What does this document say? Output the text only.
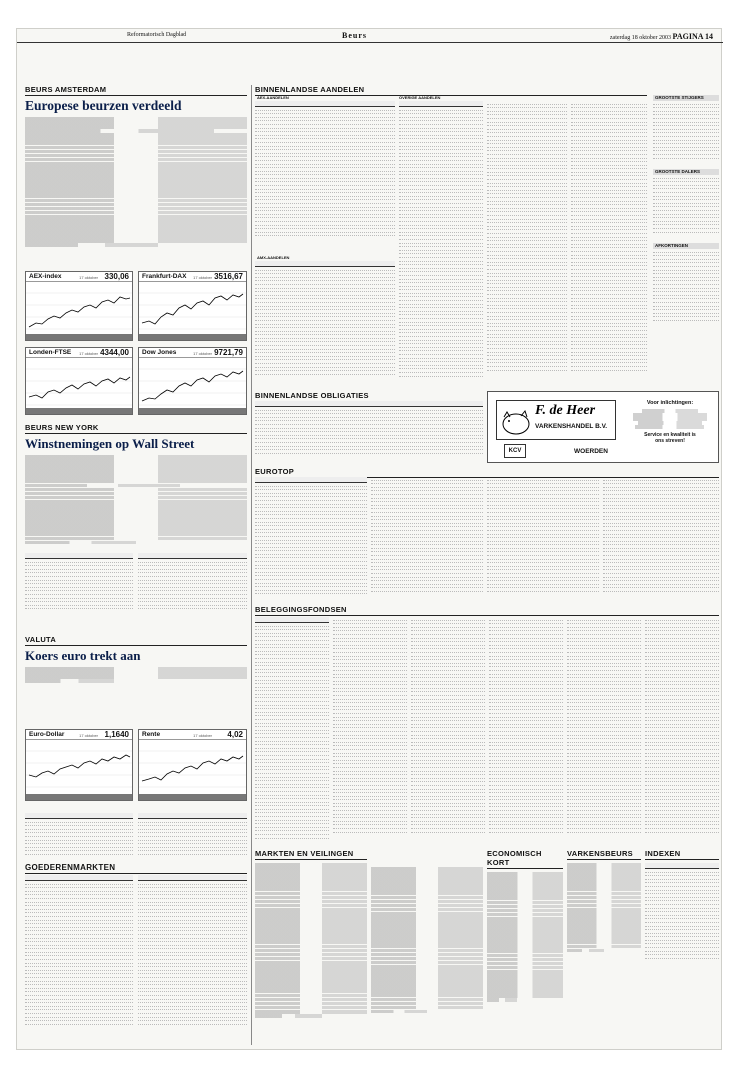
Reformatorisch Dagblad	Beurs	zaterdag 18 oktober 2003 PAGINA 14
BEURS AMSTERDAM
Europese beurzen verdeeld
AEX-index	17 oktober 330,06 Frankfurt-DAX 17 oktober 3516,67
Londen-FTSE 17 oktober 4344,00 Dow Jones	17 oktober 9721,79
BEURS NEW YORK
Winstnemingen op Wall Street
VALUTA
Koers euro trekt aan
Euro-Dollar	17 oktober 1,1640 Rente	17 oktober 4,02
GOEDERENMARKTEN
BINNENLANDSE AANDELEN
AEX-AANDELEN
AMX-AANDELEN
OVERIGE AANDELEN	GROOTSTE STIJGERS
GROOTSTE DALERS
AFKORTINGEN
BINNENLANDSE OBLIGATIES
F. de Heer
VARKENSHANDEL B.V.
KCV	WOERDEN
Voor inlichtingen:
Service en kwaliteit is
ons streven!
EUROTOP
BELEGGINGSFONDSEN
MARKTEN EN VEILINGEN	ECONOMISCH KORT
VARKENSBEURS	INDEXEN
